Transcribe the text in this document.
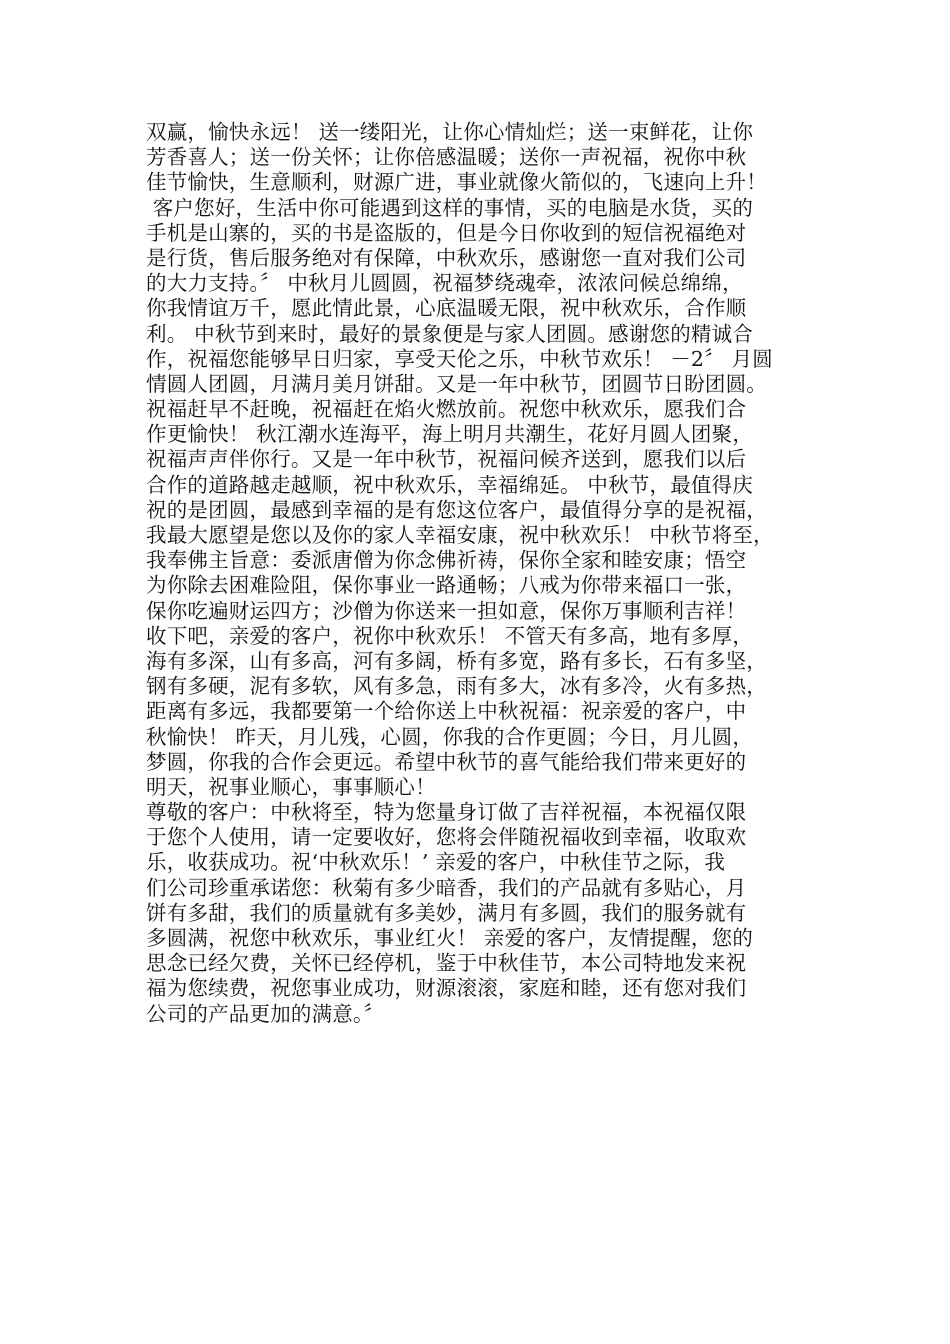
双赢，愉快永远！ 送一缕阳光，让你心情灿烂；送一束鲜花，让你
芳香喜人；送一份关怀；让你倍感温暖；送你一声祝福，祝你中秋
佳节愉快，生意顺利，财源广进，事业就像火箭似的，飞速向上升！
客户您好，生活中你可能遇到这样的事情，买的电脑是水货，买的
手机是山寨的，买的书是盗版的，但是今日你收到的短信祝福绝对
是行货，售后服务绝对有保障，中秋欢乐，感谢您一直对我们公司
的大力支持。〞 中秋月儿圆圆，祝福梦绕魂牵，浓浓问候总绵绵，
你我情谊万千，愿此情此景，心底温暖无限，祝中秋欢乐，合作顺
利。 中秋节到来时，最好的景象便是与家人团圆。感谢您的精诚合
作，祝福您能够早日归家，享受天伦之乐，中秋节欢乐！ －2〞 月圆
情圆人团圆，月满月美月饼甜。又是一年中秋节，团圆节日盼团圆。
祝福赶早不赶晚，祝福赶在焰火燃放前。祝您中秋欢乐，愿我们合
作更愉快！ 秋江潮水连海平，海上明月共潮生，花好月圆人团聚，
祝福声声伴你行。又是一年中秋节，祝福问候齐送到，愿我们以后
合作的道路越走越顺，祝中秋欢乐，幸福绵延。 中秋节，最值得庆
祝的是团圆，最感到幸福的是有您这位客户，最值得分享的是祝福，
我最大愿望是您以及你的家人幸福安康，祝中秋欢乐！ 中秋节将至，
我奉佛主旨意：委派唐僧为你念佛祈祷，保你全家和睦安康；悟空
为你除去困难险阻，保你事业一路通畅；八戒为你带来福口一张，
保你吃遍财运四方；沙僧为你送来一担如意，保你万事顺利吉祥！
收下吧，亲爱的客户，祝你中秋欢乐！ 不管天有多高，地有多厚，
海有多深，山有多高，河有多阔，桥有多宽，路有多长，石有多坚，
钢有多硬，泥有多软，风有多急，雨有多大，冰有多冷，火有多热，
距离有多远，我都要第一个给你送上中秋祝福：祝亲爱的客户，中
秋愉快！ 昨天，月儿残，心圆，你我的合作更圆；今日，月儿圆，
梦圆，你我的合作会更远。希望中秋节的喜气能给我们带来更好的
明天，祝事业顺心，事事顺心！
尊敬的客户：中秋将至，特为您量身订做了吉祥祝福，本祝福仅限
于您个人使用，请一定要收好，您将会伴随祝福收到幸福，收取欢
乐，收获成功。祝‘中秋欢乐！’ 亲爱的客户，中秋佳节之际，我
们公司珍重承诺您：秋菊有多少暗香，我们的产品就有多贴心，月
饼有多甜，我们的质量就有多美妙，满月有多圆，我们的服务就有
多圆满，祝您中秋欢乐，事业红火！ 亲爱的客户，友情提醒，您的
思念已经欠费，关怀已经停机，鉴于中秋佳节，本公司特地发来祝
福为您续费，祝您事业成功，财源滚滚，家庭和睦，还有您对我们
公司的产品更加的满意。〞
